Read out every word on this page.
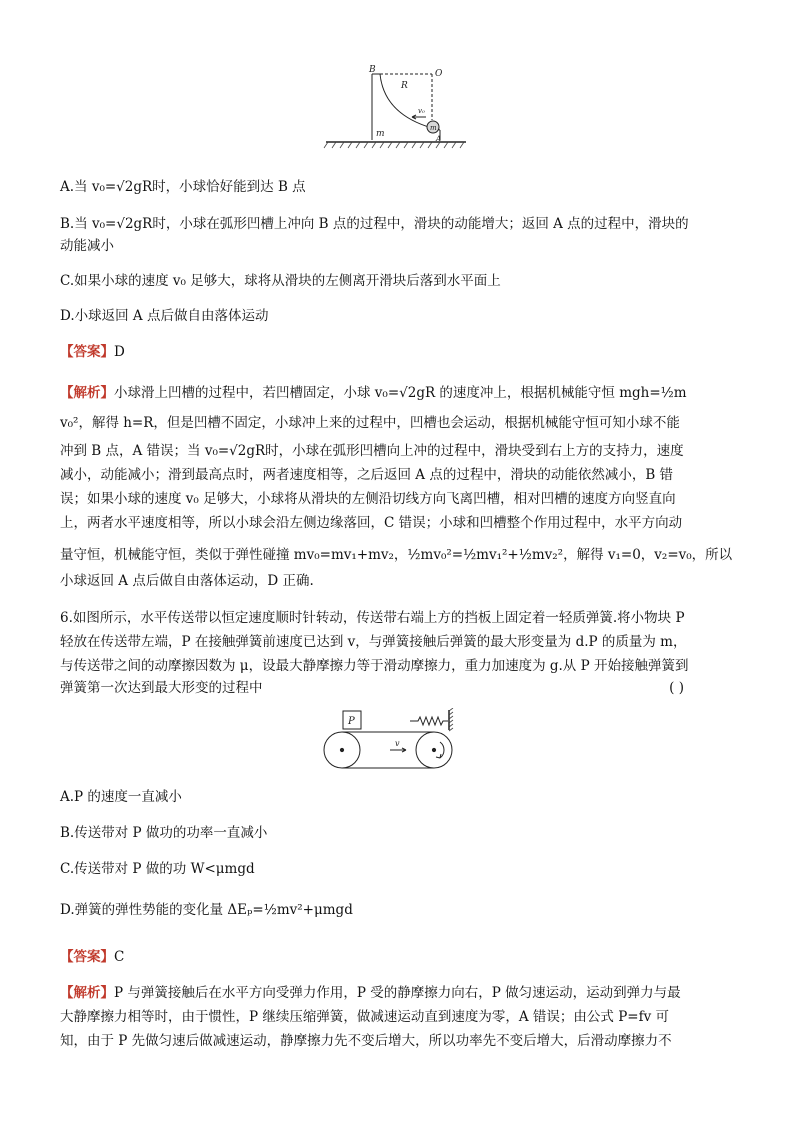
B	O
R
v₀
m
m	A
A.当 v₀=√2gR时，小球恰好能到达 B 点
B.当 v₀=√2gR时，小球在弧形凹槽上冲向 B 点的过程中，滑块的动能增大；返回 A 点的过程中，滑块的
动能减小
C.如果小球的速度 v₀ 足够大，球将从滑块的左侧离开滑块后落到水平面上
D.小球返回 A 点后做自由落体运动
【答案】D
【解析】小球滑上凹槽的过程中，若凹槽固定，小球 v₀=√2gR 的速度冲上，根据机械能守恒 mgh=½m
v₀²，解得 h=R，但是凹槽不固定，小球冲上来的过程中，凹槽也会运动，根据机械能守恒可知小球不能
冲到 B 点，A 错误；当 v₀=√2gR时，小球在弧形凹槽向上冲的过程中，滑块受到右上方的支持力，速度
减小，动能减小；滑到最高点时，两者速度相等，之后返回 A 点的过程中，滑块的动能依然减小，B 错
误；如果小球的速度 v₀ 足够大，小球将从滑块的左侧沿切线方向飞离凹槽，相对凹槽的速度方向竖直向
上，两者水平速度相等，所以小球会沿左侧边缘落回，C 错误；小球和凹槽整个作用过程中，水平方向动
量守恒，机械能守恒，类似于弹性碰撞 mv₀=mv₁+mv₂，½mv₀²=½mv₁²+½mv₂²，解得 v₁=0，v₂=v₀，所以
小球返回 A 点后做自由落体运动，D 正确.
6.如图所示，水平传送带以恒定速度顺时针转动，传送带右端上方的挡板上固定着一轻质弹簧.将小物块 P
轻放在传送带左端，P 在接触弹簧前速度已达到 v，与弹簧接触后弹簧的最大形变量为 d.P 的质量为 m，
与传送带之间的动摩擦因数为 μ，设最大静摩擦力等于滑动摩擦力，重力加速度为 g.从 P 开始接触弹簧到
弹簧第一次达到最大形变的过程中	( )
P
v
A.P 的速度一直减小
B.传送带对 P 做功的功率一直减小
C.传送带对 P 做的功 W<μmgd
D.弹簧的弹性势能的变化量 ΔEₚ=½mv²+μmgd
【答案】C
【解析】P 与弹簧接触后在水平方向受弹力作用，P 受的静摩擦力向右，P 做匀速运动，运动到弹力与最
大静摩擦力相等时，由于惯性，P 继续压缩弹簧，做减速运动直到速度为零，A 错误；由公式 P=fv 可
知，由于 P 先做匀速后做减速运动，静摩擦力先不变后增大，所以功率先不变后增大，后滑动摩擦力不
